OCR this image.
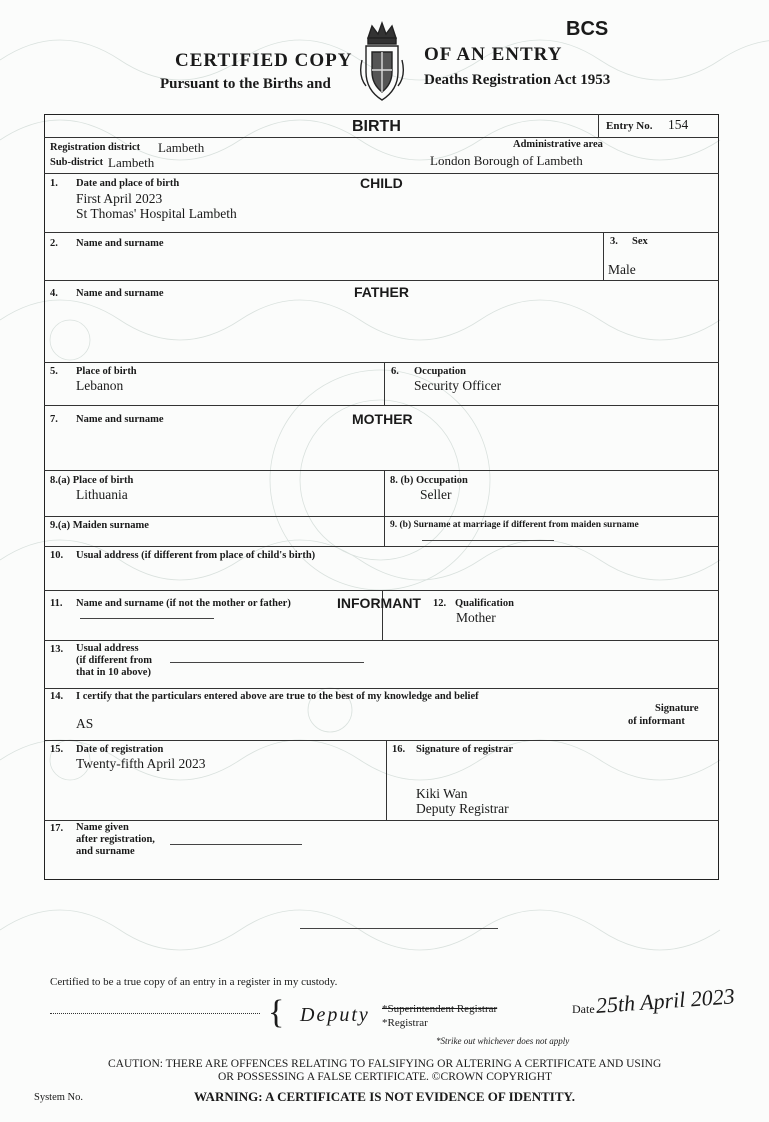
BCS
CERTIFIED COPY	OF AN ENTRY
Pursuant to the Births and	Deaths Registration Act 1953
BIRTH	Entry No. 154
Registration district Lambeth	Administrative area
Sub-district Lambeth	London Borough of Lambeth
CHILD
1. Date and place of birth
First April 2023
St Thomas' Hospital Lambeth
2. Name and surname	3. Sex
Male
FATHER
4. Name and surname
5. Place of birth
Lebanon
6. Occupation
Security Officer
MOTHER
7. Name and surname
8.(a) Place of birth
Lithuania
8. (b) Occupation
Seller
9.(a) Maiden surname	9. (b) Surname at marriage if different from maiden surname
10. Usual address (if different from place of child's birth)
11. Name and surname (if not the mother or father)	INFORMANT 12. Qualification
Mother
13. Usual address
(if different from
that in 10 above)
14. I certify that the particulars entered above are true to the best of my knowledge and belief
AS
Signature
of informant
15. Date of registration
Twenty-fifth April 2023
16. Signature of registrar
Kiki Wan
Deputy Registrar
17. Name given
after registration,
and surname
Certified to be a true copy of an entry in a register in my custody.
{ Deputy *Superintendent Registrar
*Registrar
*Strike out whichever does not apply
Date 25th April 2023
CAUTION: THERE ARE OFFENCES RELATING TO FALSIFYING OR ALTERING A CERTIFICATE AND USING
OR POSSESSING A FALSE CERTIFICATE. ©CROWN COPYRIGHT
System No.	WARNING: A CERTIFICATE IS NOT EVIDENCE OF IDENTITY.
